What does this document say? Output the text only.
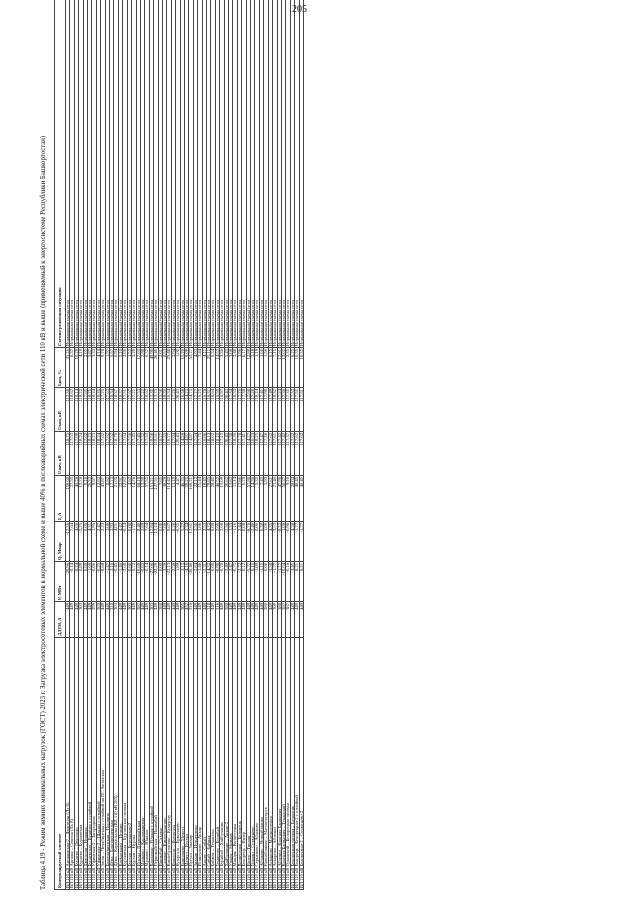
205
Таблица 4.19 - Режим зимних минимальных нагрузок (ГОСТ) 2023 г. Загрузка электросетевых элементов в нормальной схеме и выше 40% в послеаварийных схемах электрической сети 110 кВ и выше (применяемый к энергосистеме Республики Башкортостан) Контролируемый элемент	ДДТН, А	P, МВт	Q, Мвар	I, А	Uнач, кВ	Uкон, кВ	Iдоп, %	Схемно-режимная ситуация
ВЛ 110 кВ Аргаяшская-2 – Дюртюли (Лх 8)	449	-28,96	-12,36	158,60	118,75	112,38	35,26	Нормальная схема сети
ВЛ 110 кВ Аргаяш – Семена (Лх 8)	449	-0,14	7,64	37,55	117,53	118,62	8,37	Нормальная схема сети
ВЛ 110 кВ Бураево – Дюртюли	449	-8,24	4,66	46,28	117,09	118,14	10,29	Нормальная схема сети
ВЛ 110 кВ Бураево – Бураевская	303	0,89	-2,25	12,76	118,24	118,22	4,19	Нормальная схема сети
ВЛ 110 кВ Дюртюли – Нижняя	449	0,00	0,00	9,18	117,62	117,65	2,05	Нормальная схема сети
ВЛ 110 кВ Бураевская – Куяново с отпайкой	449	-1,60	4,31	26,33	118,23	118,75	5,87	Нормальная схема сети
ВЛ 110 кВ Уфимская-2 – Загородная	299	-0,06	1,95	9,97	118,23	118,24	3,33	Нормальная схема сети
ВЛ 110 кВ Уфимская-2 – Шакша с отпайкой	303	-0,25	2,47	12,62	118,24	118,35	4,14	Нормальная схема сети
ВЛ 110 кВ Затон – Челябинская с отпайкой на ПС Затонская	449	-8,68	2,23	43,87	117,62	117,25	9,78	Нормальная схема сети
ВЛ 110 кВ Благовещенская – Нурлино	449	-1,47	1,08	8,82	117,62	117,63	1,97	Нормальная схема сети
ВЛ 110 кВ Дёма – Благовещенская	318	2,10	2,93	17,73	117,52	118,34	5,57	Нормальная схема сети
ВЛ 110 кВ Дёма – Кармаскалы (ВЛ 110 кВ 283)	303	-0,45	4,01	21,05	118,70	118,37	6,94	Нормальная схема сети
ВЛ 110 кВ Кармаскалы – Иглино	449	-1,46	4,42	22,91	117,57	118,37	5,10	Нормальная схема сети
ВЛ 110 кВ Бурзянская – Бурзянская тяговая	449	-2,68	-0,14	12,82	117,64	117,51	2,86	Нормальная схема сети
ВЛ 110 кВ Бурзян – Бурзянская-2	303	-0,60	0,00	4,62	117,56	117,67	1,53	Нормальная схема сети
ВЛ 110 кВ Бурзян – Нурлы	449	0,72	-1,77	14,36	117,45	117,21	3,20	Нормальная схема сети
ВЛ 110 кВ Нурлы – Первомайская	387	-10,69	8,40	68,18	117,45	117,53	17,63	Нормальная схема сети
ВЛ 110 кВ Мраково – Карламанская	449	-0,82	2,69	13,39	117,32	117,22	2,98	Нормальная схема сети
ВЛ 110 кВ Мраково – Южная	449	-0,14	7,64	37,55	117,53	118,62	8,37	Нормальная схема сети
ВЛ 110 кВ Карламан – Южная с отпайкой	303	-27,06	12,84	151,21	118,58	113,30	49,90	Нормальная схема сети
ВЛ 110 кВ Первомайская – Ишимбай	449	-22,29	12,24	127,51	118,51	113,75	28,40	Нормальная схема сети
ВЛ 110 кВ Ишимбай – Салават	380	0,00	0,00	7,65	118,27	115,58	2,01	Нормальная схема сети
ВЛ 110 кВ Салават – Кинзебулатово	449	2,59	-7,06	38,29	117,55	118,30	8,53	Нормальная схема сети
ВЛ 110 кВ Кинзебулатово – Кумертау	449	-22,13	9,67	114,42	116,77	116,34	25,48	Нормальная схема сети
ВЛ 110 кВ Кумертау – Куюргаза	449	2,58	0,28	13,19	117,64	117,26	2,94	Нормальная схема сети
ВЛ 110 кВ Куюргаза – Ермолаево	449	1,89	-0,35	4,47	120,43	120,43	1,00	Нормальная схема сети
ВЛ 110 кВ Ермолаево – Мелеуз	305	2,13	5,27	46,35	114,28	116,58	15,20	Нормальная схема сети
ВЛ 110 кВ Мелеуз – Нугуш	432	-4,16	3,34	39,25	114,87	114,23	9,09	Нормальная схема сети
ВЛ 110 кВ Нугуш – Зилаир	318	-30,40	12,61	166,21	114,87	114,75	52,27	Нормальная схема сети
ВЛ 110 кВ Зилаир – Исянгулово	449	-2,84	3,50	22,12	117,54	117,77	4,93	Нормальная схема сети
ВЛ 110 кВ Исянгулово – Акъяр	449	-1,46	1,86	15,44	117,75	116,25	3,44	Нормальная схема сети
ВЛ 110 кВ Акъяр – Сибай	449	-2,31	2,53	18,45	116,86	116,78	4,11	Нормальная схема сети
ВЛ 110 кВ Сибай – Баймак	318	-14,32	4,75	79,85	118,13	116,31	25,11	Нормальная схема сети
ВЛ 110 кВ Баймак – Темясово	449	0,00	0,00	28,45	118,62	118,64	6,34	Нормальная схема сети
ВЛ 110 кВ Темясово – Бурибай	318	-8,98	-2,60	46,52	118,10	116,59	14,63	Нормальная схема сети
ВЛ 110 кВ Бурибай – Хайбуллино	449	-0,78	2,68	15,09	117,13	116,97	3,36	Нормальная схема сети
ВЛ 110 кВ Хайбуллино – Акъяр-2	380	-3,49	-2,50	20,62	120,45	120,42	5,43	Нормальная схема сети
ВЛ 110 кВ Учалы – Миндяк	449	2,47	1,33	13,82	117,38	117,34	3,08	Нормальная схема сети
ВЛ 110 кВ Миндяк – Вознесенка	449	-0,75	-1,16	11,14	118,30	118,55	2,48	Нормальная схема сети
ВЛ 110 кВ Вознесенка – Белорецк	449	-2,72	2,44	17,80	117,78	117,76	3,96	Нормальная схема сети
ВЛ 110 кВ Белорецк – Инзер	449	0,12	0,08	0,78	117,41	117,38	0,17	Нормальная схема сети
ВЛ 110 кВ Инзер – Тирлян	449	-5,77	-8,76	57,88	114,27	112,68	12,89	Нормальная схема сети
ВЛ 110 кВ Тирлян – Серменево	449	0,15	-2,40	14,30	116,23	117,28	3,18	Нормальная схема сети
ВЛ 110 кВ Серменево – Абзаково	449	-1,09	0,06	5,35	118,25	118,24	1,19	Нормальная схема сети
ВЛ 110 кВ Абзаково – Новоабзаково	449	-1,15	0,38	7,43	117,47	117,41	1,66	Нормальная схема сети
ВЛ 110 кВ Новоабзаково – Магнитогорск	380	0,00	1,06	5,93	117,38	117,98	1,56	Нормальная схема сети
ВЛ 110 кВ Аскарово – Магнитогорск	449	-3,58	4,35	27,61	117,62	117,49	6,15	Нормальная схема сети
ВЛ 110 кВ Аскарово – Абзелил	300	-1,77	-3,53	21,46	117,61	118,32	7,15	Нормальная схема сети
ВЛ 110 кВ Абзелил – Красная Башкирия	380	-1,77	-8,32	47,90	117,42	117,24	12,61	Нормальная схема сети
ВЛ 110 кВ Красная Башкирия – Туканский	387	-10,04	1,00	50,37	117,42	117,36	13,02	Нормальная схема сети
ВЛ 110 кВ Туканский – Белорецкая тяговая	387	-0,16	-0,98	9,10	117,37	117,35	2,35	Нормальная схема сети
ВЛ 110 кВ Белорецкая тяговая – Белорецк	449	-3,45	4,58	28,04	117,62	117,53	6,25	Нормальная схема сети
ВЛ 110 кВ Белорецк – Белорецкая-2 с отпайкой	449	8,21	-1,77	46,45	117,62	117,51	10,35	Нормальная схема сети
ВЛ 110 кВ Белорецкая-2 – Серменево-2	449	8,21	-1,77	46,45	117,62	117,51	10,35	Нормальная схема сети
